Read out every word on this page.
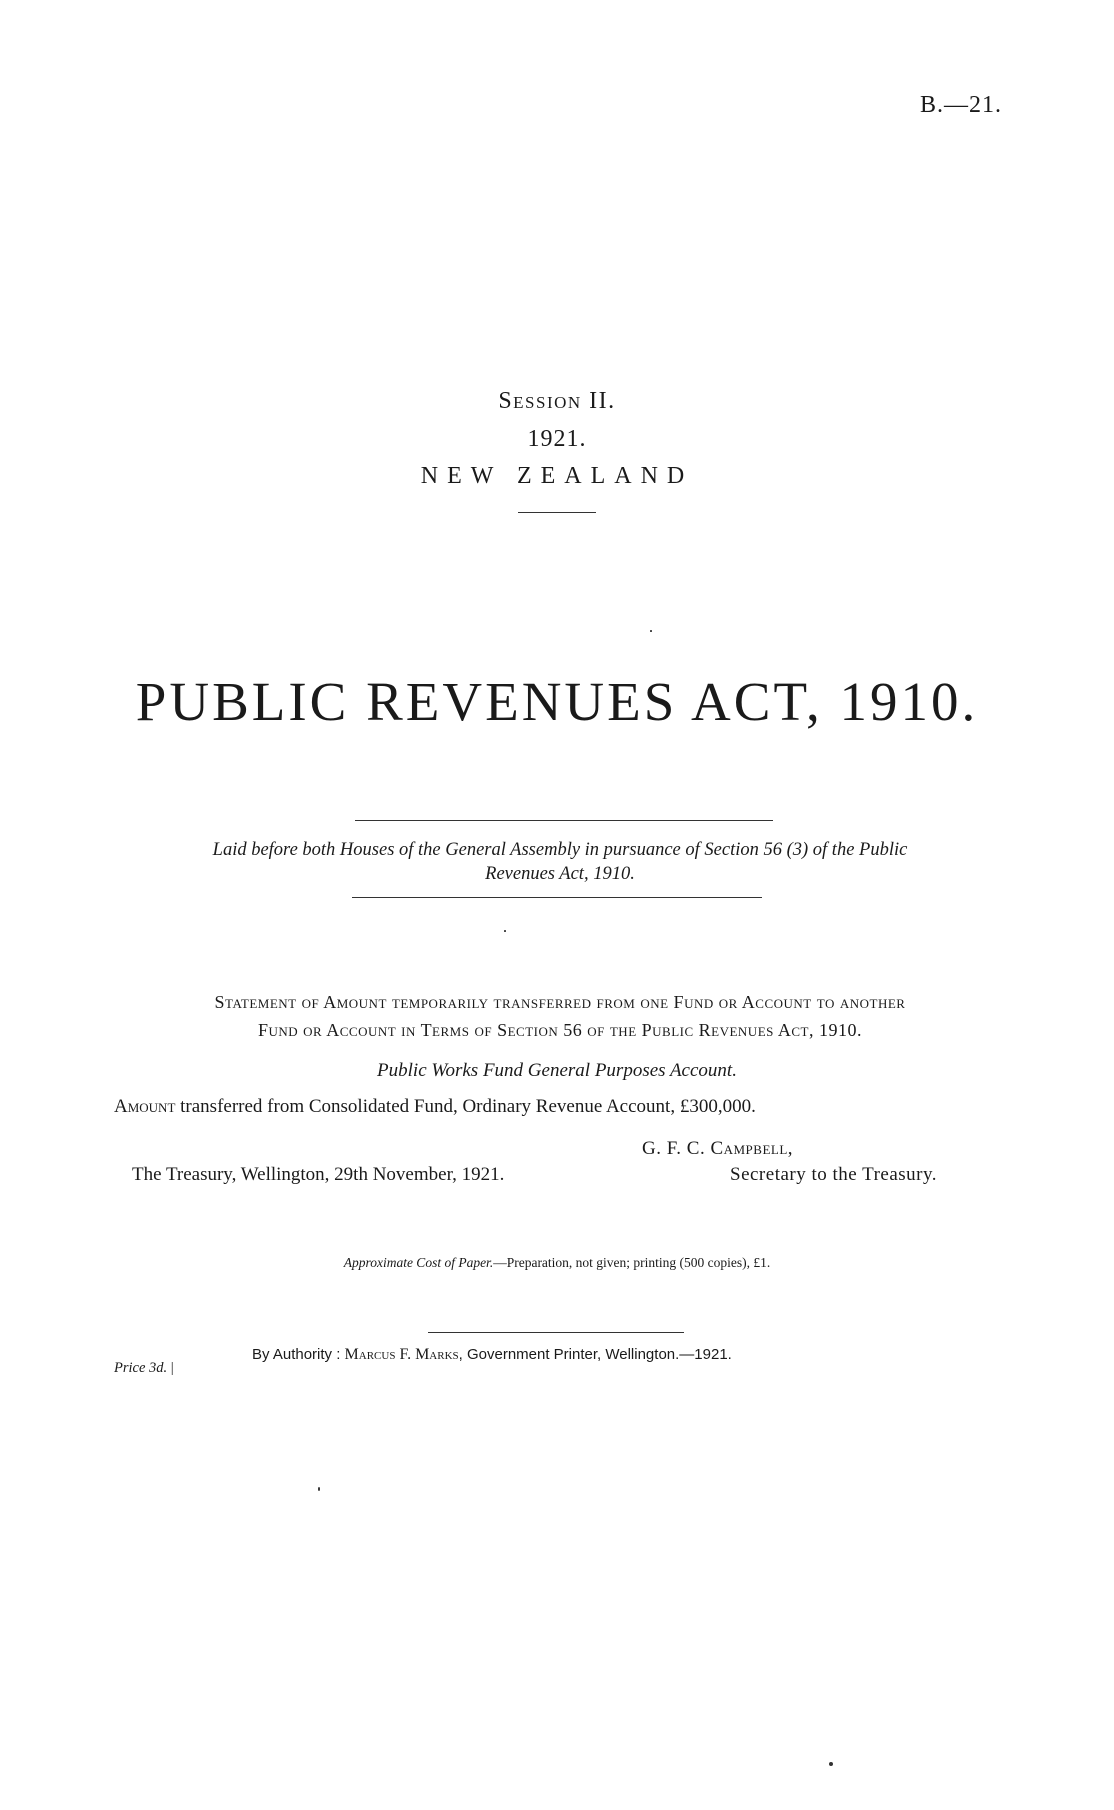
B.—21.
Session II.
1921.
NEW ZEALAND
PUBLIC REVENUES ACT, 1910.
Laid before both Houses of the General Assembly in pursuance of Section 56 (3) of the Public
Revenues Act, 1910.
Statement of Amount temporarily transferred from one Fund or Account to another
Fund or Account in Terms of Section 56 of the Public Revenues Act, 1910.
Public Works Fund General Purposes Account.
Amount transferred from Consolidated Fund, Ordinary Revenue Account, £300,000.
G. F. C. Campbell,
The Treasury, Wellington, 29th November, 1921.	Secretary to the Treasury.
Approximate Cost of Paper.—Preparation, not given; printing (500 copies), £1.
Price 3d. |
By Authority : Marcus F. Marks, Government Printer, Wellington.—1921.
